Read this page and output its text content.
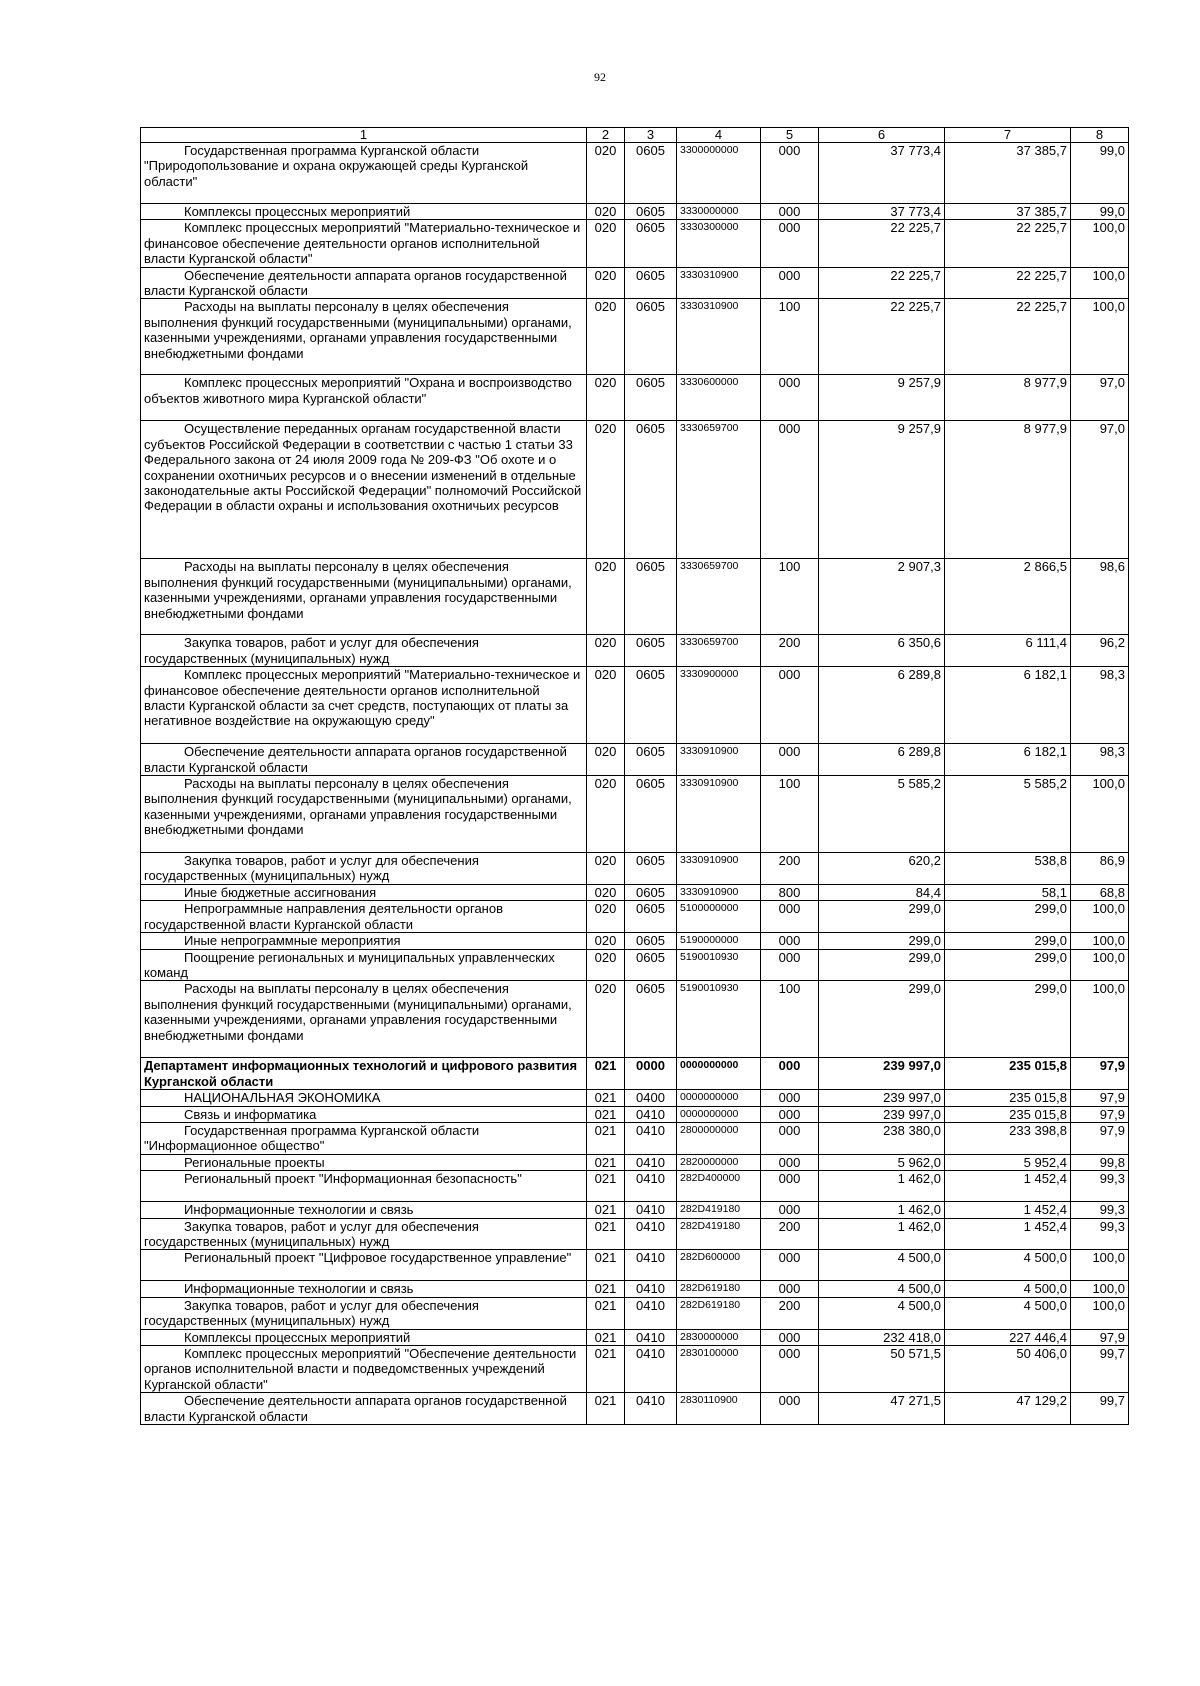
92
1	2	3	4	5	6	7	8
Государственная программа Курганской области "Природопользование и охрана окружающей среды Курганской области"	020	0605	3300000000	000	37 773,4	37 385,7	99,0
Комплексы процессных мероприятий	020	0605	3330000000	000	37 773,4	37 385,7	99,0
Комплекс процессных мероприятий "Материально-техническое и финансовое обеспечение деятельности органов исполнительной власти Курганской области"	020	0605	3330300000	000	22 225,7	22 225,7	100,0
Обеспечение деятельности аппарата органов государственной власти Курганской области	020	0605	3330310900	000	22 225,7	22 225,7	100,0
Расходы на выплаты персоналу в целях обеспечения выполнения функций государственными (муниципальными) органами, казенными учреждениями, органами управления государственными внебюджетными фондами	020	0605	3330310900	100	22 225,7	22 225,7	100,0
Комплекс процессных мероприятий "Охрана и воспроизводство объектов животного мира Курганской области"	020	0605	3330600000	000	9 257,9	8 977,9	97,0
Осуществление переданных органам государственной власти субъектов Российской Федерации в соответствии с частью 1 статьи 33 Федерального закона от 24 июля 2009 года № 209-ФЗ "Об охоте и о сохранении охотничьих ресурсов и о внесении изменений в отдельные законодательные акты Российской Федерации" полномочий Российской Федерации в области охраны и использования охотничьих ресурсов	020	0605	3330659700	000	9 257,9	8 977,9	97,0
Расходы на выплаты персоналу в целях обеспечения выполнения функций государственными (муниципальными) органами, казенными учреждениями, органами управления государственными внебюджетными фондами	020	0605	3330659700	100	2 907,3	2 866,5	98,6
Закупка товаров, работ и услуг для обеспечения государственных (муниципальных) нужд	020	0605	3330659700	200	6 350,6	6 111,4	96,2
Комплекс процессных мероприятий "Материально-техническое и финансовое обеспечение деятельности органов исполнительной власти Курганской области за счет средств, поступающих от платы за негативное воздействие на окружающую среду"	020	0605	3330900000	000	6 289,8	6 182,1	98,3
Обеспечение деятельности аппарата органов государственной власти Курганской области	020	0605	3330910900	000	6 289,8	6 182,1	98,3
Расходы на выплаты персоналу в целях обеспечения выполнения функций государственными (муниципальными) органами, казенными учреждениями, органами управления государственными внебюджетными фондами	020	0605	3330910900	100	5 585,2	5 585,2	100,0
Закупка товаров, работ и услуг для обеспечения государственных (муниципальных) нужд	020	0605	3330910900	200	620,2	538,8	86,9
Иные бюджетные ассигнования	020	0605	3330910900	800	84,4	58,1	68,8
Непрограммные направления деятельности органов государственной власти Курганской области	020	0605	5100000000	000	299,0	299,0	100,0
Иные непрограммные мероприятия	020	0605	5190000000	000	299,0	299,0	100,0
Поощрение региональных и муниципальных управленческих команд	020	0605	5190010930	000	299,0	299,0	100,0
Расходы на выплаты персоналу в целях обеспечения выполнения функций государственными (муниципальными) органами, казенными учреждениями, органами управления государственными внебюджетными фондами	020	0605	5190010930	100	299,0	299,0	100,0
Департамент информационных технологий и цифрового развития Курганской области	021	0000	0000000000	000	239 997,0	235 015,8	97,9
НАЦИОНАЛЬНАЯ ЭКОНОМИКА	021	0400	0000000000	000	239 997,0	235 015,8	97,9
Связь и информатика	021	0410	0000000000	000	239 997,0	235 015,8	97,9
Государственная программа Курганской области "Информационное общество"	021	0410	2800000000	000	238 380,0	233 398,8	97,9
Региональные проекты	021	0410	2820000000	000	5 962,0	5 952,4	99,8
Региональный проект "Информационная безопасность"	021	0410	282D400000	000	1 462,0	1 452,4	99,3
Информационные технологии и связь	021	0410	282D419180	000	1 462,0	1 452,4	99,3
Закупка товаров, работ и услуг для обеспечения государственных (муниципальных) нужд	021	0410	282D419180	200	1 462,0	1 452,4	99,3
Региональный проект "Цифровое государственное управление"	021	0410	282D600000	000	4 500,0	4 500,0	100,0
Информационные технологии и связь	021	0410	282D619180	000	4 500,0	4 500,0	100,0
Закупка товаров, работ и услуг для обеспечения государственных (муниципальных) нужд	021	0410	282D619180	200	4 500,0	4 500,0	100,0
Комплексы процессных мероприятий	021	0410	2830000000	000	232 418,0	227 446,4	97,9
Комплекс процессных мероприятий "Обеспечение деятельности органов исполнительной власти и подведомственных учреждений Курганской области"	021	0410	2830100000	000	50 571,5	50 406,0	99,7
Обеспечение деятельности аппарата органов государственной власти Курганской области	021	0410	2830110900	000	47 271,5	47 129,2	99,7
